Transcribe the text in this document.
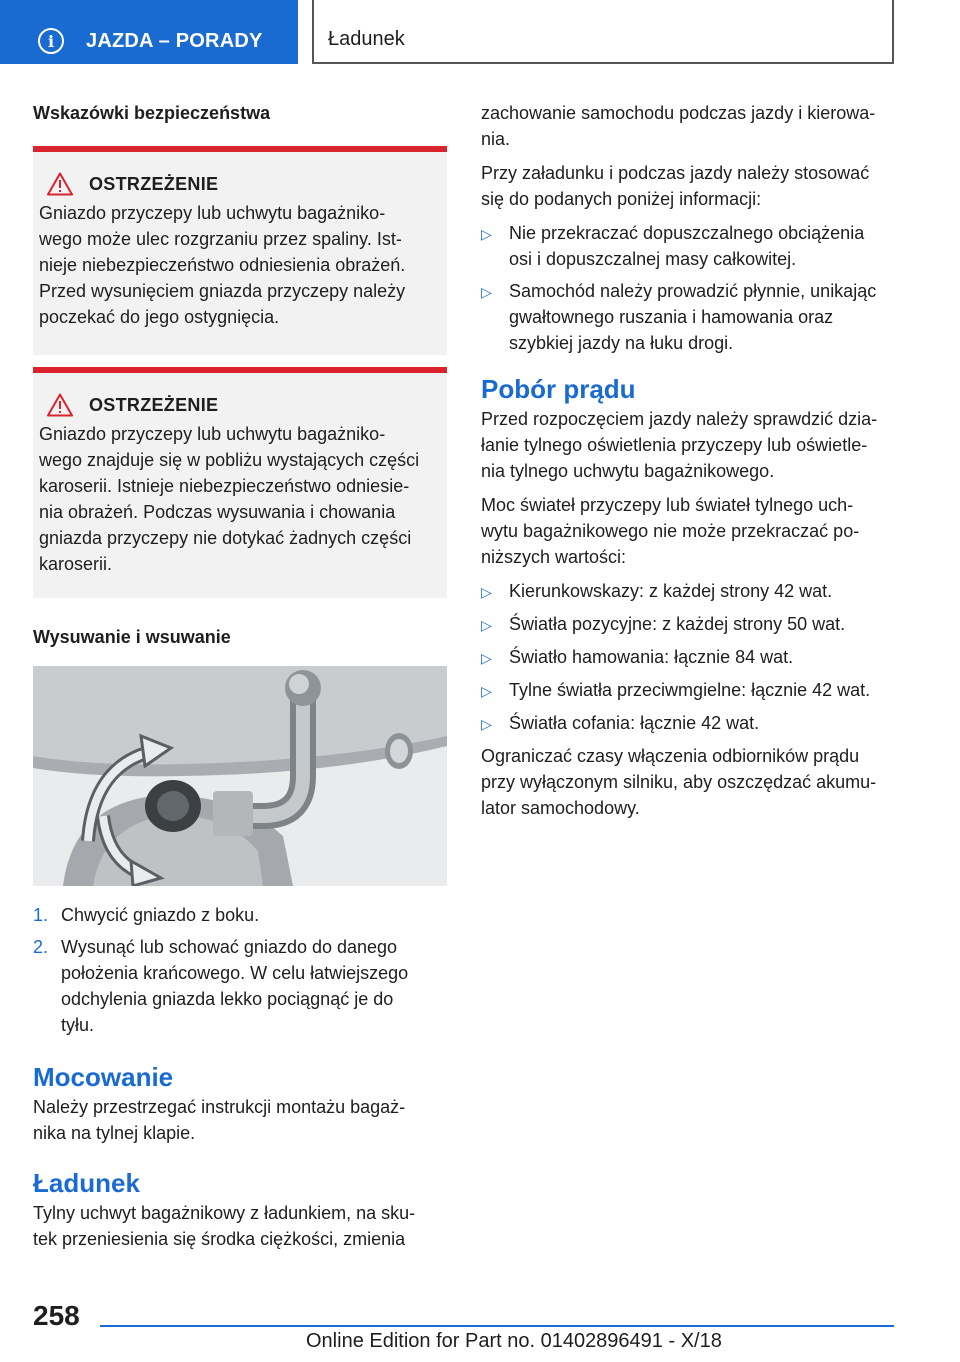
i	JAZDA – PORADY	Ładunek

Wskazówki bezpieczeństwa

OSTRZEŻENIE

Gniazdo przyczepy lub uchwytu bagażniko-
wego może ulec rozgrzaniu przez spaliny. Ist-
nieje niebezpieczeństwo odniesienia obrażeń.
Przed wysunięciem gniazda przyczepy należy
poczekać do jego ostygnięcia.

OSTRZEŻENIE

Gniazdo przyczepy lub uchwytu bagażniko-
wego znajduje się w pobliżu wystających części
karoserii. Istnieje niebezpieczeństwo odniesie-
nia obrażeń. Podczas wysuwania i chowania
gniazda przyczepy nie dotykać żadnych części
karoserii.

Wysuwanie i wsuwanie

1. Chwycić gniazdo z boku.
2. Wysunąć lub schować gniazdo do danego
położenia krańcowego. W celu łatwiejszego
odchylenia gniazda lekko pociągnąć je do
tyłu.

Mocowanie

Należy przestrzegać instrukcji montażu bagaż-
nika na tylnej klapie.

Ładunek

Tylny uchwyt bagażnikowy z ładunkiem, na sku-
tek przeniesienia się środka ciężkości, zmienia

zachowanie samochodu podczas jazdy i kierowa-
nia.

Przy załadunku i podczas jazdy należy stosować
się do podanych poniżej informacji:

▷ Nie przekraczać dopuszczalnego obciążenia
osi i dopuszczalnej masy całkowitej.
▷ Samochód należy prowadzić płynnie, unikając
gwałtownego ruszania i hamowania oraz
szybkiej jazdy na łuku drogi.

Pobór prądu

Przed rozpoczęciem jazdy należy sprawdzić dzia-
łanie tylnego oświetlenia przyczepy lub oświetle-
nia tylnego uchwytu bagażnikowego.

Moc świateł przyczepy lub świateł tylnego uch-
wytu bagażnikowego nie może przekraczać po-
niższych wartości:

▷ Kierunkowskazy: z każdej strony 42 wat.
▷ Światła pozycyjne: z każdej strony 50 wat.
▷ Światło hamowania: łącznie 84 wat.
▷ Tylne światła przeciwmgielne: łącznie 42 wat.
▷ Światła cofania: łącznie 42 wat.

Ograniczać czasy włączenia odbiorników prądu
przy wyłączonym silniku, aby oszczędzać akumu-
lator samochodowy.

258
Online Edition for Part no. 01402896491 - X/18
